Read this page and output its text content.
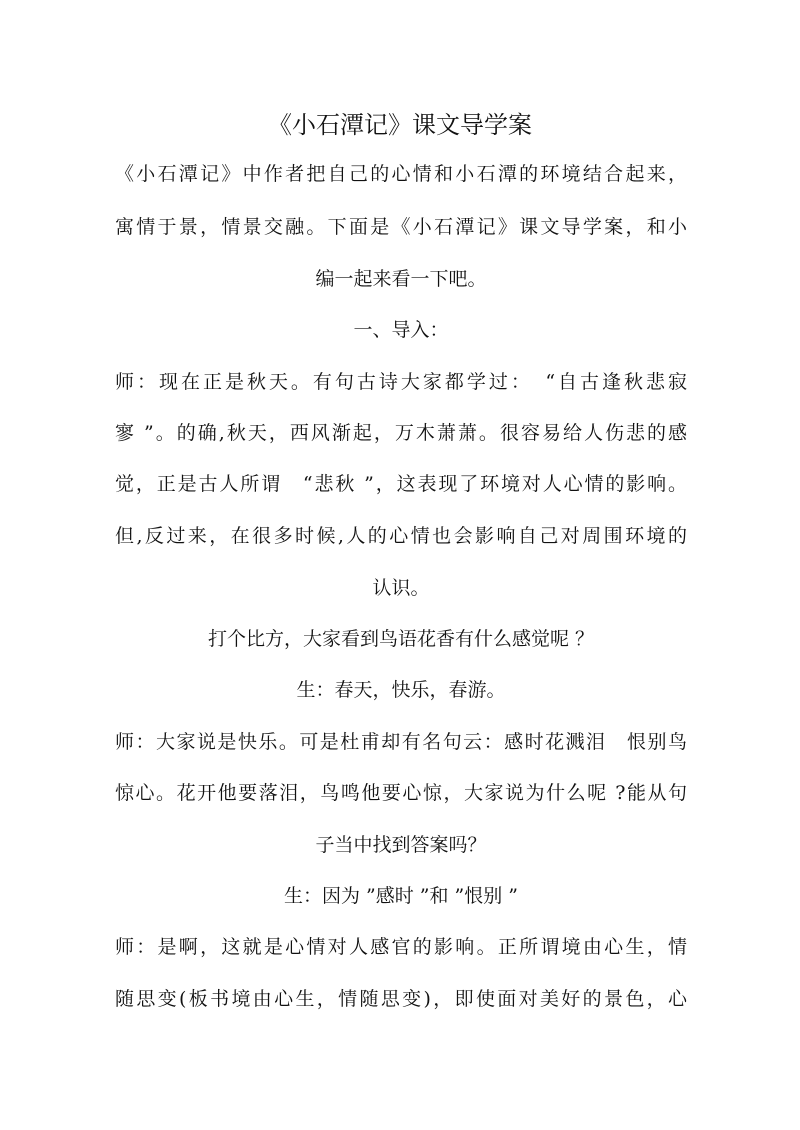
《小石潭记》课文导学案
《小石潭记》中作者把自己的心情和小石潭的环境结合起来，
寓情于景，情景交融。下面是《小石潭记》课文导学案，和小
编一起来看一下吧。
一、导入：
师：现在正是秋天。有句古诗大家都学过：　“自古逢秋悲寂
寥 ”。的确,秋天，西风渐起，万木萧萧。很容易给人伤悲的感
觉，正是古人所谓　“悲秋 ”，这表现了环境对人心情的影响。
但,反过来，在很多时候,人的心情也会影响自己对周围环境的
认识。
打个比方，大家看到鸟语花香有什么感觉呢 ？
生：春天，快乐，春游。
师：大家说是快乐。可是杜甫却有名句云：感时花溅泪　恨别鸟
惊心。花开他要落泪，鸟鸣他要心惊，大家说为什么呢 ?能从句
子当中找到答案吗？
生：因为 ”感时 ”和 ”恨别 ”
师：是啊，这就是心情对人感官的影响。正所谓境由心生，情
随思变(板书境由心生，情随思变)，即使面对美好的景色，心
